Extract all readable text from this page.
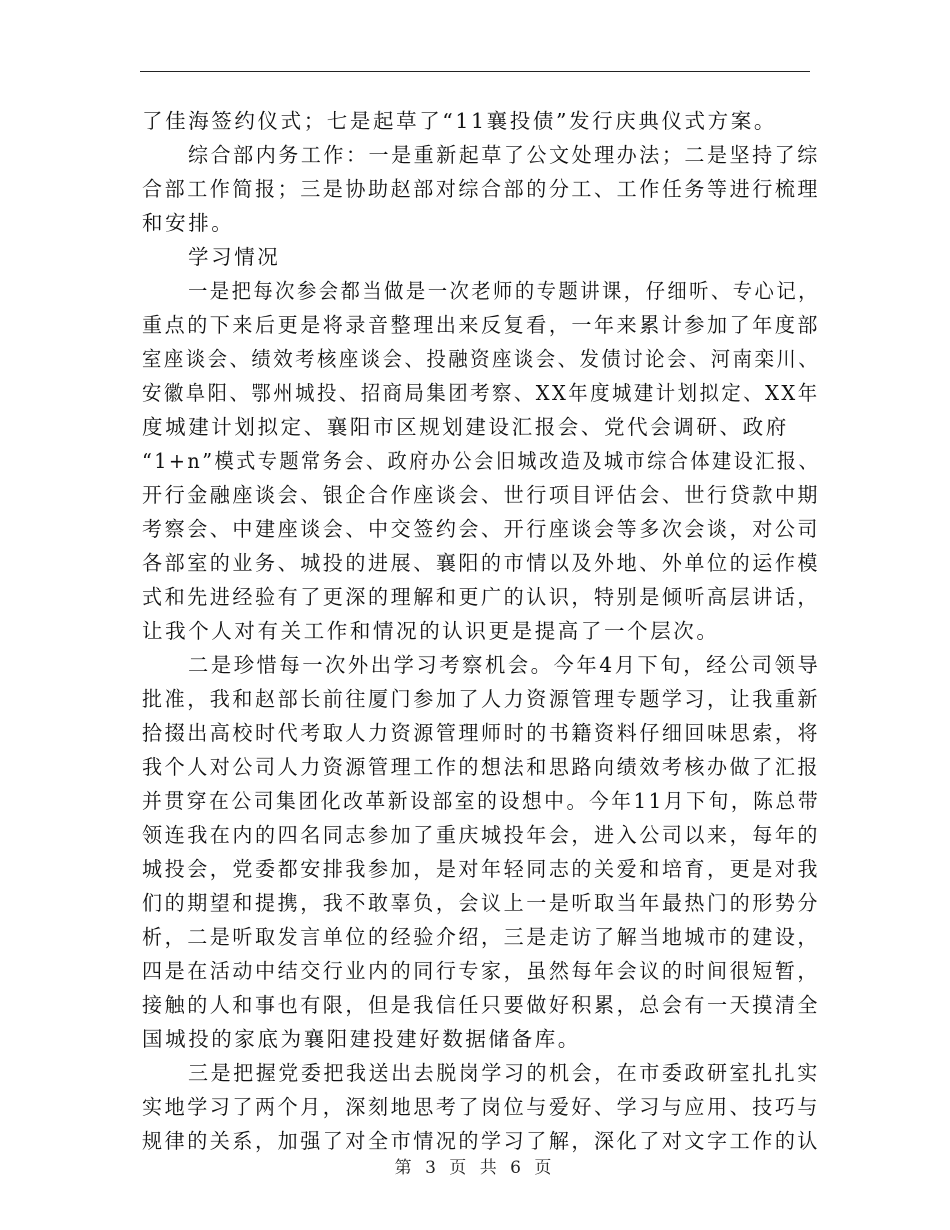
了佳海签约仪式；七是起草了“11襄投债”发行庆典仪式方案。
综合部内务工作：一是重新起草了公文处理办法；二是坚持了综
合部工作简报；三是协助赵部对综合部的分工、工作任务等进行梳理
和安排。
学习情况
一是把每次参会都当做是一次老师的专题讲课，仔细听、专心记，
重点的下来后更是将录音整理出来反复看，一年来累计参加了年度部
室座谈会、绩效考核座谈会、投融资座谈会、发债讨论会、河南栾川、
安徽阜阳、鄂州城投、招商局集团考察、XX年度城建计划拟定、XX年
度城建计划拟定、襄阳市区规划建设汇报会、党代会调研、政府
“1+n”模式专题常务会、政府办公会旧城改造及城市综合体建设汇报、
开行金融座谈会、银企合作座谈会、世行项目评估会、世行贷款中期
考察会、中建座谈会、中交签约会、开行座谈会等多次会谈，对公司
各部室的业务、城投的进展、襄阳的市情以及外地、外单位的运作模
式和先进经验有了更深的理解和更广的认识，特别是倾听高层讲话，
让我个人对有关工作和情况的认识更是提高了一个层次。
二是珍惜每一次外出学习考察机会。今年4月下旬，经公司领导
批准，我和赵部长前往厦门参加了人力资源管理专题学习，让我重新
拾掇出高校时代考取人力资源管理师时的书籍资料仔细回味思索，将
我个人对公司人力资源管理工作的想法和思路向绩效考核办做了汇报
并贯穿在公司集团化改革新设部室的设想中。今年11月下旬，陈总带
领连我在内的四名同志参加了重庆城投年会，进入公司以来，每年的
城投会，党委都安排我参加，是对年轻同志的关爱和培育，更是对我
们的期望和提携，我不敢辜负，会议上一是听取当年最热门的形势分
析，二是听取发言单位的经验介绍，三是走访了解当地城市的建设，
四是在活动中结交行业内的同行专家，虽然每年会议的时间很短暂，
接触的人和事也有限，但是我信任只要做好积累，总会有一天摸清全
国城投的家底为襄阳建投建好数据储备库。
三是把握党委把我送出去脱岗学习的机会，在市委政研室扎扎实
实地学习了两个月，深刻地思考了岗位与爱好、学习与应用、技巧与
规律的关系，加强了对全市情况的学习了解，深化了对文字工作的认
第 3 页 共 6 页
